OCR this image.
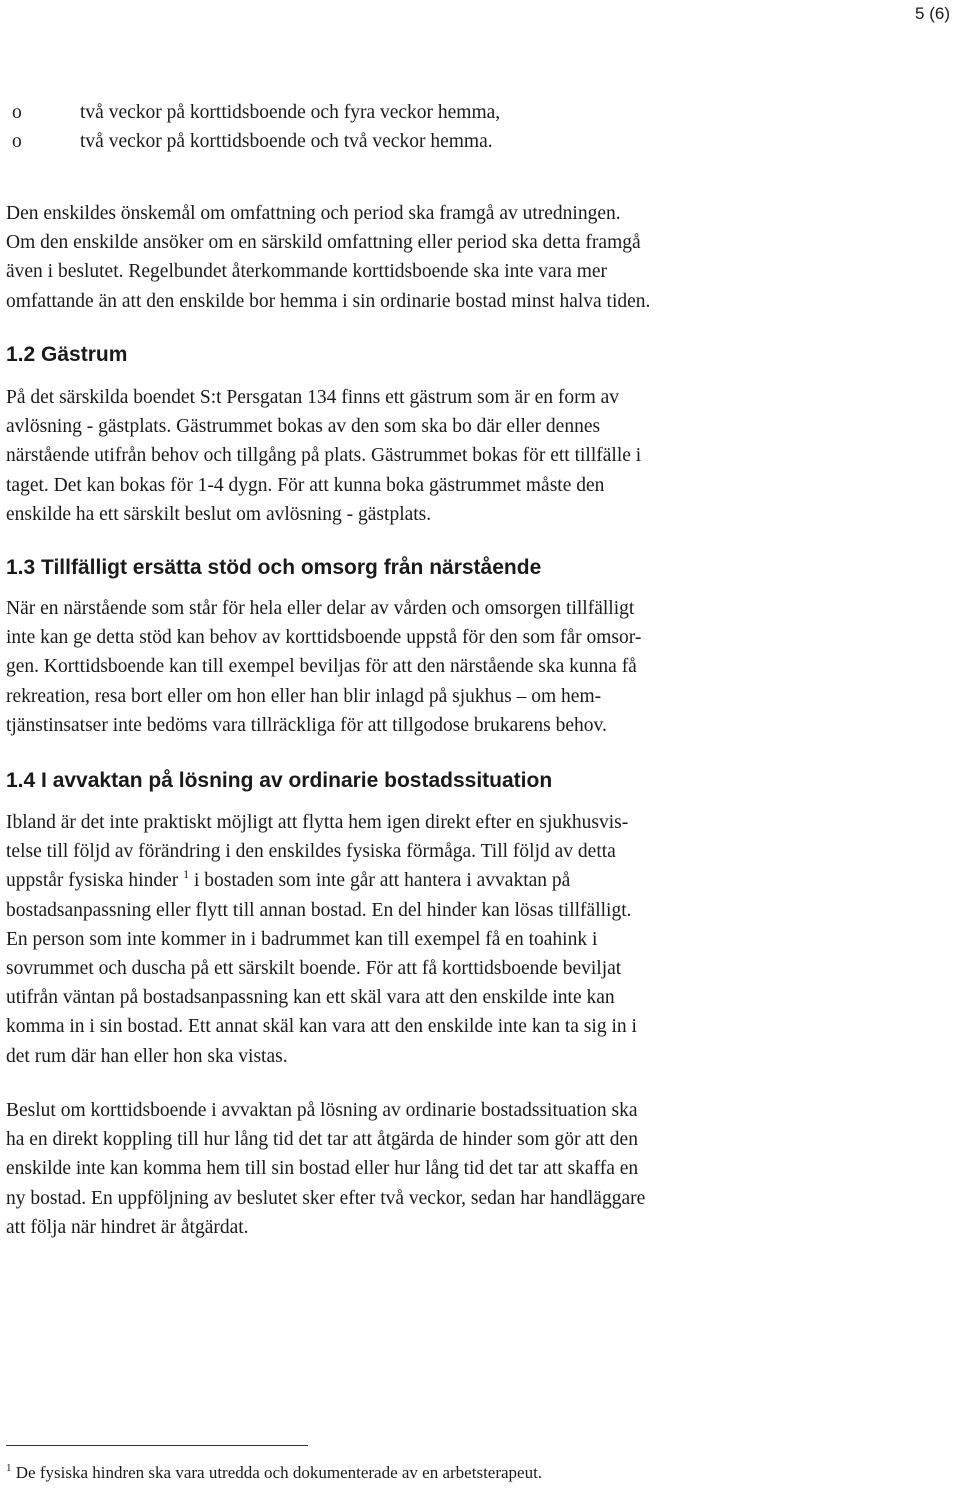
5 (6)
o	två veckor på korttidsboende och fyra veckor hemma,
o	två veckor på korttidsboende och två veckor hemma.
Den enskildes önskemål om omfattning och period ska framgå av utredningen.
Om den enskilde ansöker om en särskild omfattning eller period ska detta framgå
även i beslutet. Regelbundet återkommande korttidsboende ska inte vara mer
omfattande än att den enskilde bor hemma i sin ordinarie bostad minst halva tiden.
1.2 Gästrum
På det särskilda boendet S:t Persgatan 134 finns ett gästrum som är en form av
avlösning - gästplats. Gästrummet bokas av den som ska bo där eller dennes
närstående utifrån behov och tillgång på plats. Gästrummet bokas för ett tillfälle i
taget. Det kan bokas för 1-4 dygn. För att kunna boka gästrummet måste den
enskilde ha ett särskilt beslut om avlösning - gästplats.
1.3 Tillfälligt ersätta stöd och omsorg från närstående
När en närstående som står för hela eller delar av vården och omsorgen tillfälligt
inte kan ge detta stöd kan behov av korttidsboende uppstå för den som får omsor-
gen. Korttidsboende kan till exempel beviljas för att den närstående ska kunna få
rekreation, resa bort eller om hon eller han blir inlagd på sjukhus – om hem-
tjänstinsatser inte bedöms vara tillräckliga för att tillgodose brukarens behov.
1.4 I avvaktan på lösning av ordinarie bostadssituation
Ibland är det inte praktiskt möjligt att flytta hem igen direkt efter en sjukhusvis-
telse till följd av förändring i den enskildes fysiska förmåga. Till följd av detta
uppstår fysiska hinder $^1$ i bostaden som inte går att hantera i avvaktan på
bostadsanpassning eller flytt till annan bostad. En del hinder kan lösas tillfälligt.
En person som inte kommer in i badrummet kan till exempel få en toahink i
sovrummet och duscha på ett särskilt boende. För att få korttidsboende beviljat
utifrån väntan på bostadsanpassning kan ett skäl vara att den enskilde inte kan
komma in i sin bostad. Ett annat skäl kan vara att den enskilde inte kan ta sig in i
det rum där han eller hon ska vistas.
Beslut om korttidsboende i avvaktan på lösning av ordinarie bostadssituation ska
ha en direkt koppling till hur lång tid det tar att åtgärda de hinder som gör att den
enskilde inte kan komma hem till sin bostad eller hur lång tid det tar att skaffa en
ny bostad. En uppföljning av beslutet sker efter två veckor, sedan har handläggare
att följa när hindret är åtgärdat.
$^1$ De fysiska hindren ska vara utredda och dokumenterade av en arbetsterapeut.
